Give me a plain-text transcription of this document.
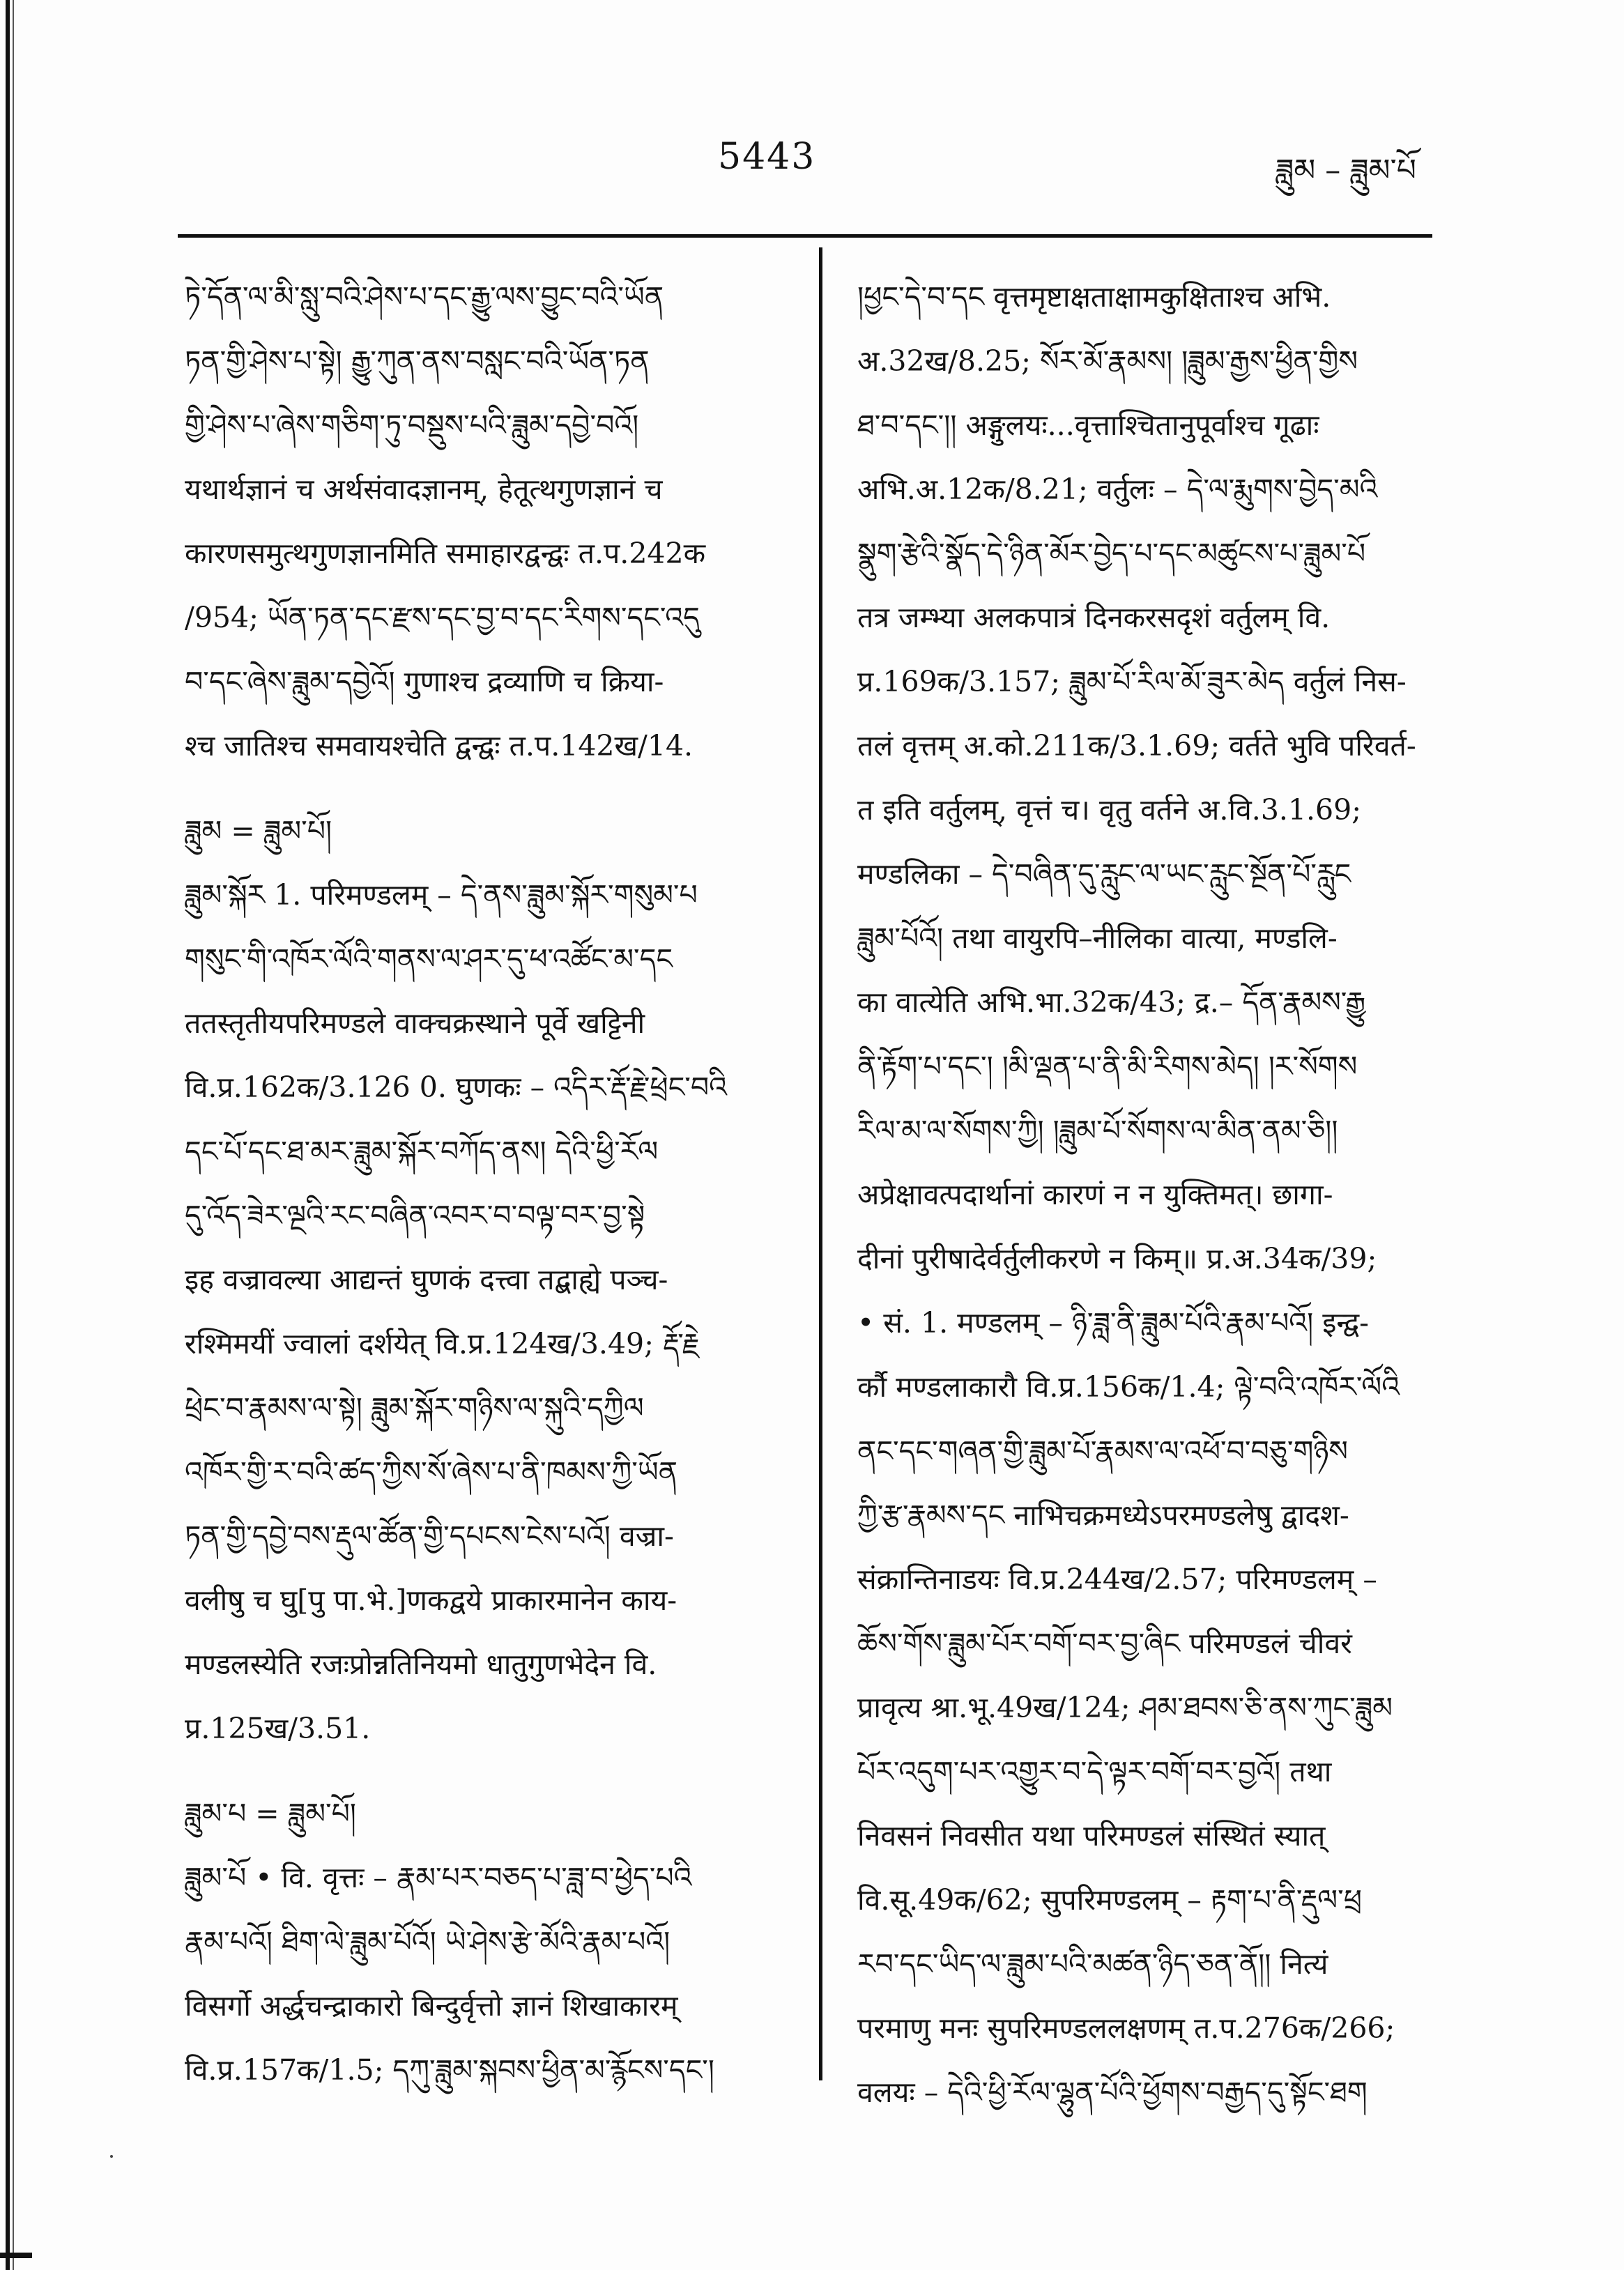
5443	ཟླུམ – ཟླུམ་པོ
ཏེ་དོན་ལ་མི་སླུ་བའི་ཤེས་པ་དང་རྒྱུ་ལས་བྱུང་བའི་ཡོན
ཏན་གྱི་ཤེས་པ་སྟེ། རྒྱུ་ཀུན་ནས་བསླང་བའི་ཡོན་ཏན
གྱི་ཤེས་པ་ཞེས་གཅིག་ཏུ་བསྡུས་པའི་ཟླུམ་དབྱེ་བའོ།
यथार्थज्ञानं च अर्थसंवादज्ञानम्, हेतूत्थगुणज्ञानं च
कारणसमुत्थगुणज्ञानमिति समाहारद्वन्द्वः त.प.242क
/954; ཡོན་ཏན་དང་རྫས་དང་བྱ་བ་དང་རིགས་དང་འདུ
བ་དང་ཞེས་ཟླུམ་དབྱེའོ། गुणाश्च द्रव्याणि च क्रिया-
श्च जातिश्च समवायश्चेति द्वन्द्वः त.प.142ख/14.
ཟླུམ = ཟླུམ་པོ།
ཟླུམ་སྐོར 1. परिमण्डलम् – དེ་ནས་ཟླུམ་སྐོར་གསུམ་པ
གསུང་གི་འཁོར་ལོའི་གནས་ལ་ཤར་དུ་ཕ་འཚོང་མ་དང
ततस्तृतीयपरिमण्डले वाक्चक्रस्थाने पूर्वे खट्टिनी
वि.प्र.162क/3.126 0. घुणकः – འདིར་རྡོ་རྗེ་ཕྲེང་བའི
དང་པོ་དང་ཐ་མར་ཟླུམ་སྐོར་བཀོད་ནས། དེའི་ཕྱི་རོལ
དུ་འོད་ཟེར་ལྔའི་རང་བཞིན་འབར་བ་བལྟ་བར་བྱ་སྟེ
इह वज्रावल्या आद्यन्तं घुणकं दत्त्वा तद्बाह्ये पञ्च-
रश्मिमयीं ज्वालां दर्शयेत् वि.प्र.124ख/3.49; རྡོ་རྗེ
ཕྲེང་བ་རྣམས་ལ་སྟེ། ཟླུམ་སྐོར་གཉིས་ལ་སྐུའི་དཀྱིལ
འཁོར་གྱི་ར་བའི་ཚད་ཀྱིས་སོ་ཞེས་པ་ནི་ཁམས་ཀྱི་ཡོན
ཏན་གྱི་དབྱེ་བས་རྡུལ་ཚོན་གྱི་དཔངས་ངེས་པའོ། वज्रा-
वलीषु च घु[पु पा.भे.]णकद्वये प्राकारमानेन काय-
मण्डलस्येति रजःप्रोन्नतिनियमो धातुगुणभेदेन वि.
प्र.125ख/3.51.
ཟླུམ་པ = ཟླུམ་པོ།
ཟླུམ་པོ • वि. वृत्तः – རྣམ་པར་བཅད་པ་ཟླ་བ་ཕྱེད་པའི
རྣམ་པའོ། ཐིག་ལེ་ཟླུམ་པོའོ། ཡེ་ཤེས་རྩེ་མོའི་རྣམ་པའོ།
विसर्गो अर्द्धचन्द्राकारो बिन्दुर्वृत्तो ज्ञानं शिखाकारम्
वि.प्र.157क/1.5; དཀུ་ཟླུམ་སྐབས་ཕྱིན་མ་རྙོངས་དང་།
།ཕྱང་དེ་བ་དང वृत्तमृष्टाक्षताक्षामकुक्षिताश्च अभि.
अ.32ख/8.25; སོར་མོ་རྣམས། །ཟླུམ་རྒྱས་ཕྱིན་གྱིས
ཐ་བ་དང་།། अङ्गुलयः...वृत्ताश्चितानुपूर्वाश्च गूढाः
अभि.अ.12क/8.21; वर्तुलः – དེ་ལ་རྨུགས་བྱེད་མའི
སྣུག་རྩེའི་སྣོད་དེ་ཉིན་མོར་བྱེད་པ་དང་མཚུངས་པ་ཟླུམ་པོ
तत्र जम्भ्या अलकपात्रं दिनकरसदृशं वर्तुलम् वि.
प्र.169क/3.157; ཟླུམ་པོ་རིལ་མོ་ཟུར་མེད वर्तुलं निस-
तलं वृत्तम् अ.को.211क/3.1.69; वर्तते भुवि परिवर्त-
त इति वर्तुलम्, वृत्तं च। वृतु वर्तने अ.वि.3.1.69;
मण्डलिका – དེ་བཞིན་དུ་རླུང་ལ་ཡང་རླུང་སྔོན་པོ་རླུང
ཟླུམ་པོའོ། तथा वायुरपि–नीलिका वात्या, मण्डलि-
का वात्येति अभि.भा.32क/43; द्र.– དོན་རྣམས་རྒྱུ
ནི་རྟོག་པ་དང་། །མི་ལྡན་པ་ནི་མི་རིགས་མེད། །ར་སོགས
རིལ་མ་ལ་སོགས་ཀྱི། །ཟླུམ་པོ་སོགས་ལ་མིན་ནམ་ཅི།།
अप्रेक्षावत्पदार्थानां कारणं न न युक्तिमत्। छागा-
दीनां पुरीषादेर्वर्तुलीकरणे न किम्॥ प्र.अ.34क/39;
• सं. 1. मण्डलम् – ཉི་ཟླ་ནི་ཟླུམ་པོའི་རྣམ་པའོ། इन्द्व-
र्कौ मण्डलाकारौ वि.प्र.156क/1.4; ལྟེ་བའི་འཁོར་ལོའི
ནང་དང་གཞན་གྱི་ཟླུམ་པོ་རྣམས་ལ་འཕོ་བ་བཅུ་གཉིས
ཀྱི་རྩ་རྣམས་དང नाभिचक्रमध्येऽपरमण्डलेषु द्वादश-
संक्रान्तिनाडयः वि.प्र.244ख/2.57; परिमण्डलम् –
ཆོས་གོས་ཟླུམ་པོར་བགོ་བར་བྱ་ཞིང परिमण्डलं चीवरं
प्रावृत्य श्रा.भू.49ख/124; ཤམ་ཐབས་ཅི་ནས་ཀུང་ཟླུམ
པོར་འདུག་པར་འགྱུར་བ་དེ་ལྟར་བགོ་བར་བྱའོ། तथा
निवसनं निवसीत यथा परिमण्डलं संस्थितं स्यात्
वि.सू.49क/62; सुपरिमण्डलम् – རྟག་པ་ནི་རྡུལ་ཕྲ
རབ་དང་ཡིད་ལ་ཟླུམ་པའི་མཚན་ཉིད་ཅན་ནོ།། नित्यं
परमाणु मनः सुपरिमण्डललक्षणम् त.प.276क/266;
वलयः – དེའི་ཕྱི་རོལ་ལྷུན་པོའི་ཕྱོགས་བརྒྱད་དུ་སྟོང་ཐག
